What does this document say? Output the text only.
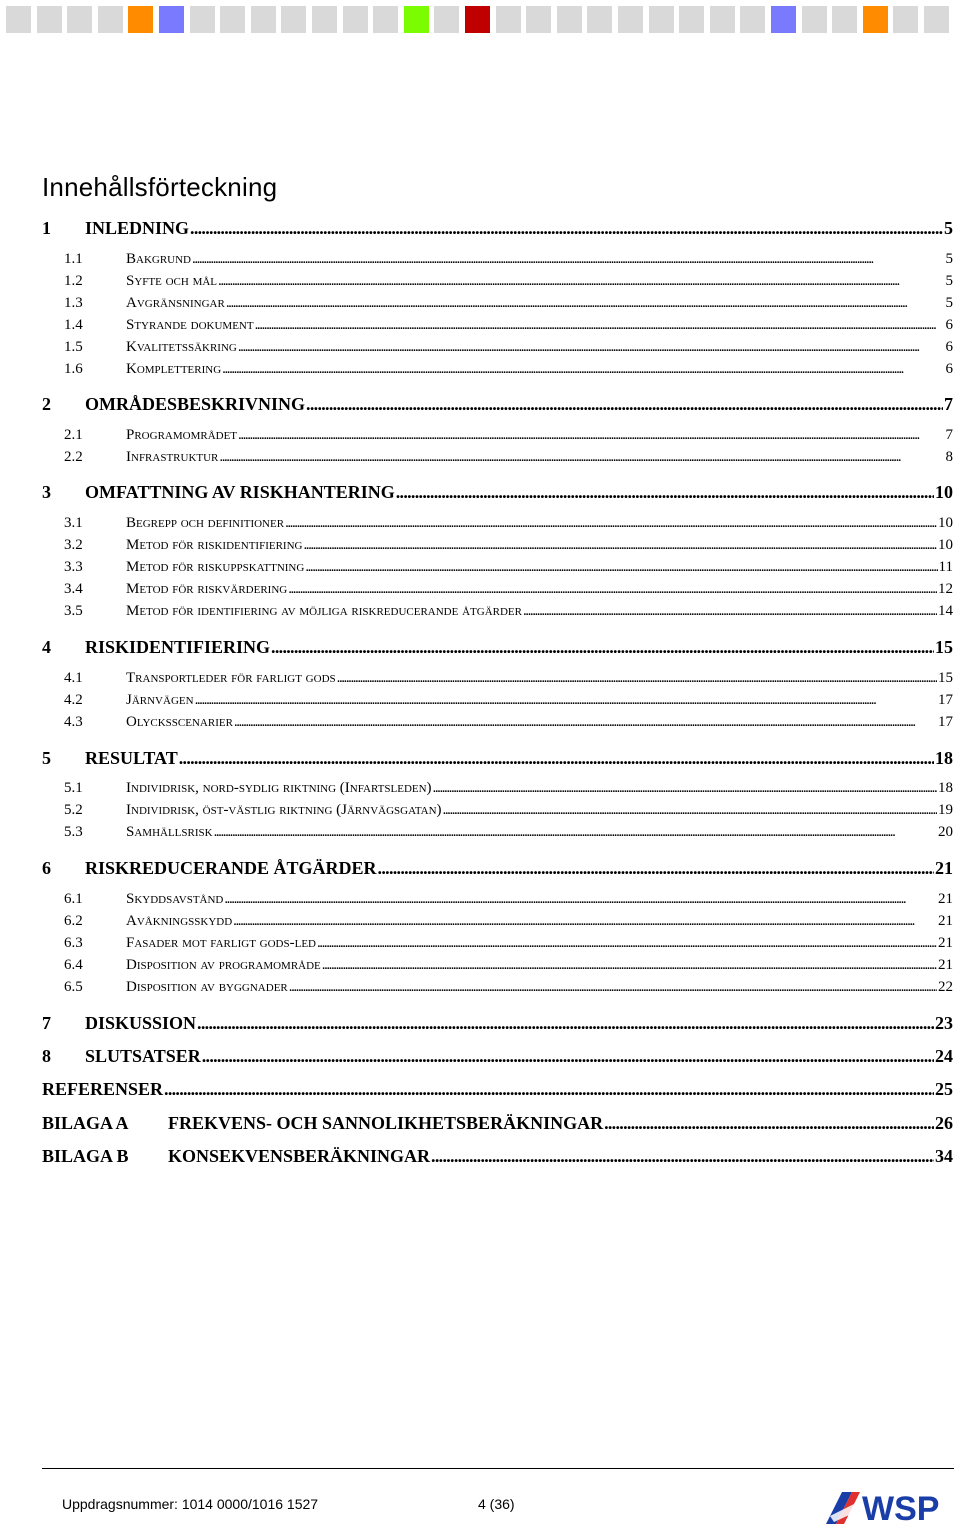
Innehållsförteckning
1	INLEDNING . . .	5
1.1	Bakgrund . . .	5
1.2	Syfte och mål . . .	5
1.3	Avgränsningar . . .	5
1.4	Styrande dokument . . .	6
1.5	Kvalitetssäkring . . .	6
1.6	Komplettering . . .	6
2	OMRÅDESBESKRIVNING . . .	7
2.1	Programområdet . . .	7
2.2	Infrastruktur . . .	8
3	OMFATTNING AV RISKHANTERING . . .	10
3.1	Begrepp och definitioner . . .	10
3.2	Metod för riskidentifiering . . .	10
3.3	Metod för riskuppskattning . . .	11
3.4	Metod för riskvärdering . . .	12
3.5	Metod för identifiering av möjliga riskreducerande åtgärder . . .	14
4	RISKIDENTIFIERING . . .	15
4.1	Transportleder för farligt gods . . .	15
4.2	Järnvägen . . .	17
4.3	Olycksscenarier . . .	17
5	RESULTAT . . .	18
5.1	Individrisk, nord-sydlig riktning (Infartsleden) . . .	18
5.2	Individrisk, öst-västlig riktning (Järnvägsgatan) . . .	19
5.3	Samhällsrisk . . .	20
6	RISKREDUCERANDE ÅTGÄRDER . . .	21
6.1	Skyddsavstånd . . .	21
6.2	Avåkningsskydd . . .	21
6.3	Fasader mot farligt gods-led . . .	21
6.4	Disposition av programområde . . .	21
6.5	Disposition av byggnader . . .	22
7	DISKUSSION . . .	23
8	SLUTSATSER . . .	24
REFERENSER . . .	25
BILAGA A	FREKVENS- OCH SANNOLIKHETSBERÄKNINGAR . . .	26
BILAGA B	KONSEKVENSBERÄKNINGAR . . .	34
Uppdragsnummer: 1014 0000/1016 1527	4 (36)	WSP
